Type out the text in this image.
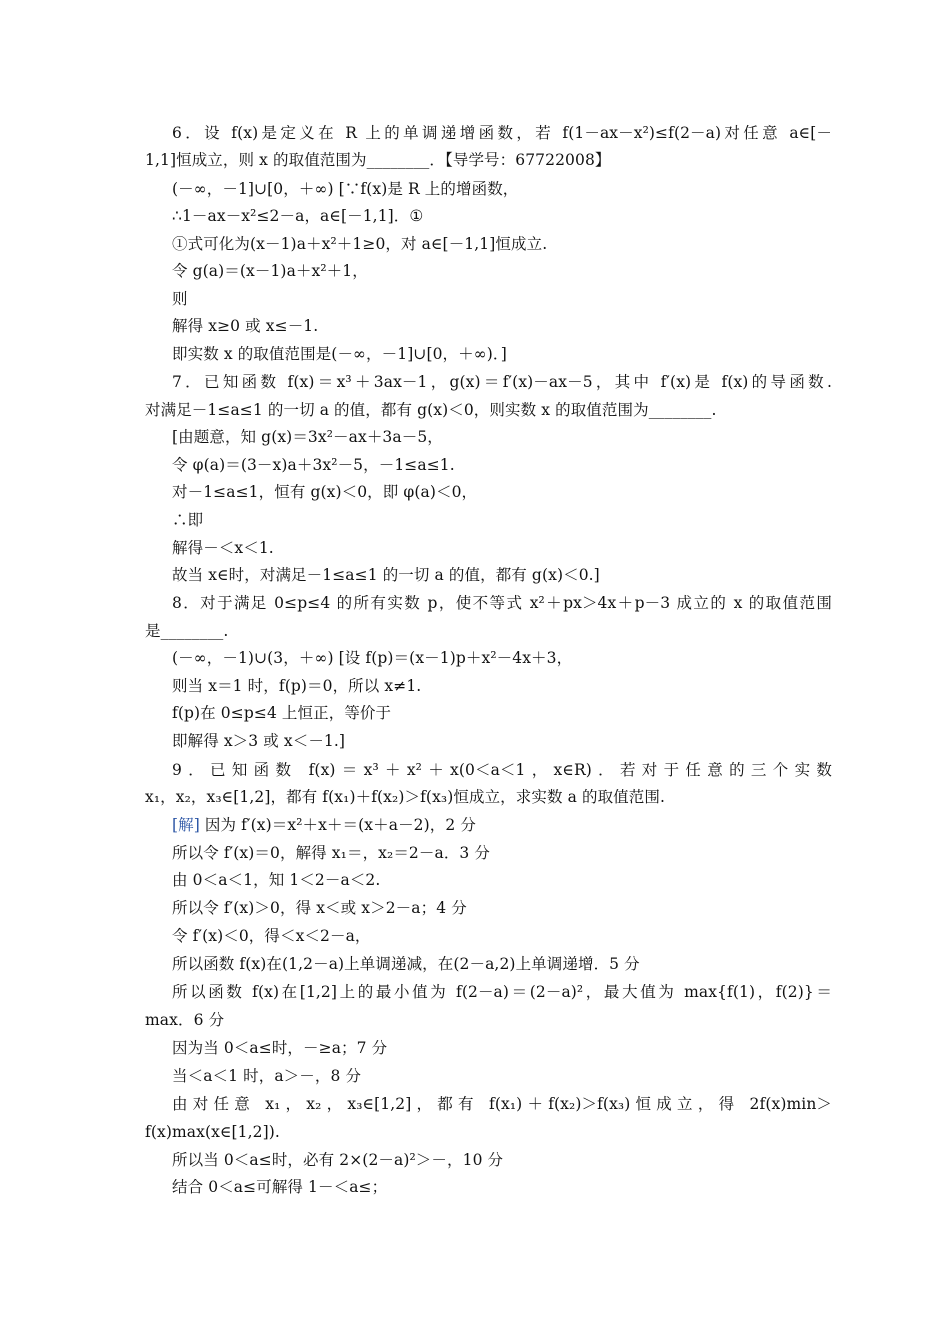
6．设 f(x)是定义在 R 上的单调递增函数，若 f(1－ax－x²)≤f(2－a)对任意 a∈[－
1,1]恒成立，则 x 的取值范围为________．【导学号：67722008】
(－∞，－1]∪[0，＋∞) [∵f(x)是 R 上的增函数，
∴1－ax－x²≤2－a，a∈[－1,1]．①
①式可化为(x－1)a＋x²＋1≥0，对 a∈[－1,1]恒成立.
令 g(a)＝(x－1)a＋x²＋1，
则
解得 x≥0 或 x≤－1.
即实数 x 的取值范围是(－∞，－1]∪[0，＋∞)．]
7．已知函数 f(x)＝x³＋3ax－1，g(x)＝f′(x)－ax－5，其中 f′(x)是 f(x)的导函数.
对满足－1≤a≤1 的一切 a 的值，都有 g(x)＜0，则实数 x 的取值范围为________.
[由题意，知 g(x)＝3x²－ax＋3a－5，
令 φ(a)＝(3－x)a＋3x²－5，－1≤a≤1.
对－1≤a≤1，恒有 g(x)＜0，即 φ(a)＜0，
∴即
解得－＜x＜1.
故当 x∈时，对满足－1≤a≤1 的一切 a 的值，都有 g(x)＜0.]
8．对于满足 0≤p≤4 的所有实数 p，使不等式 x²＋px＞4x＋p－3 成立的 x 的取值范围
是________.
(－∞，－1)∪(3，＋∞) [设 f(p)＝(x－1)p＋x²－4x＋3，
则当 x＝1 时，f(p)＝0，所以 x≠1.
f(p)在 0≤p≤4 上恒正，等价于
即解得 x＞3 或 x＜－1.]
9．已知函数 f(x)＝x³＋x²＋x(0＜a＜1，x∈R)．若对于任意的三个实数
x₁，x₂，x₃∈[1,2]，都有 f(x₁)＋f(x₂)＞f(x₃)恒成立，求实数 a 的取值范围.
[解] 因为 f′(x)＝x²＋x＋＝(x＋a－2)，2 分
所以令 f′(x)＝0，解得 x₁＝，x₂＝2－a．3 分
由 0＜a＜1，知 1＜2－a＜2.
所以令 f′(x)＞0，得 x＜或 x＞2－a；4 分
令 f′(x)＜0，得＜x＜2－a，
所以函数 f(x)在(1,2－a)上单调递减，在(2－a,2)上单调递增．5 分
所以函数 f(x)在[1,2]上的最小值为 f(2－a)＝(2－a)²，最大值为 max{f(1)，f(2)}＝
max．6 分
因为当 0＜a≤时，－≥a；7 分
当＜a＜1 时，a＞－，8 分
由对任意 x₁，x₂，x₃∈[1,2]，都有 f(x₁)＋f(x₂)＞f(x₃)恒成立，得 2f(x)min＞
f(x)max(x∈[1,2]).
所以当 0＜a≤时，必有 2×(2－a)²＞－，10 分
结合 0＜a≤可解得 1－＜a≤；
